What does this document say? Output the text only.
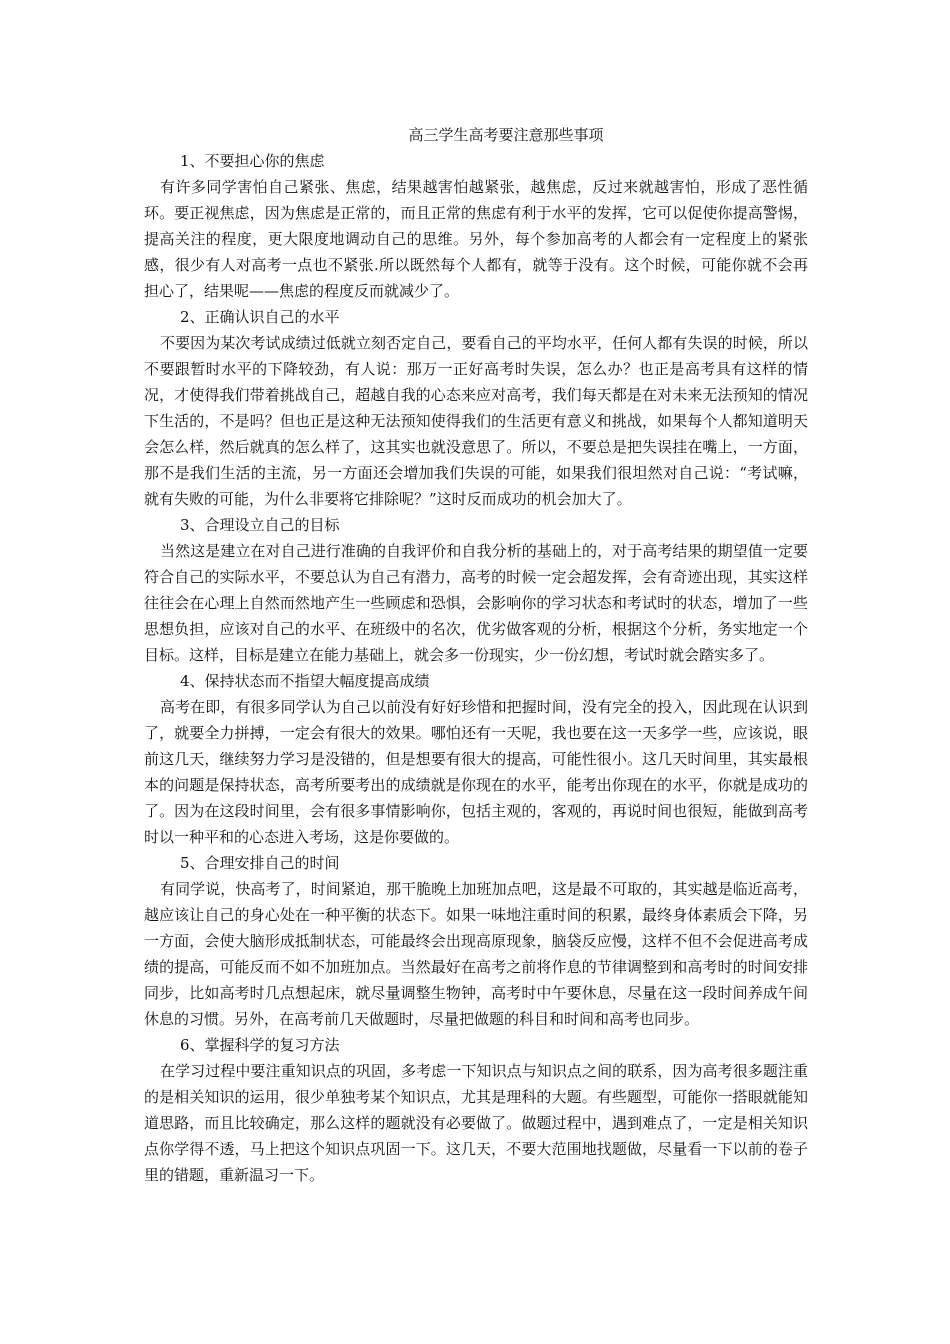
高三学生高考要注意那些事项

1、不要担心你的焦虑

有许多同学害怕自己紧张、焦虑，结果越害怕越紧张，越焦虑，反过来就越害怕，形成了恶性循环。要正视焦虑，因为焦虑是正常的，而且正常的焦虑有利于水平的发挥，它可以促使你提高警惕，提高关注的程度，更大限度地调动自己的思维。另外，每个参加高考的人都会有一定程度上的紧张感，很少有人对高考一点也不紧张.所以既然每个人都有，就等于没有。这个时候，可能你就不会再担心了，结果呢——焦虑的程度反而就减少了。

2、正确认识自己的水平

不要因为某次考试成绩过低就立刻否定自己，要看自己的平均水平，任何人都有失误的时候，所以不要跟暂时水平的下降较劲，有人说：那万一正好高考时失误，怎么办？也正是高考具有这样的情况，才使得我们带着挑战自己，超越自我的心态来应对高考，我们每天都是在对未来无法预知的情况下生活的，不是吗？但也正是这种无法预知使得我们的生活更有意义和挑战，如果每个人都知道明天会怎么样，然后就真的怎么样了，这其实也就没意思了。所以，不要总是把失误挂在嘴上，一方面，那不是我们生活的主流，另一方面还会增加我们失误的可能，如果我们很坦然对自己说：“考试嘛，就有失败的可能，为什么非要将它排除呢？”这时反而成功的机会加大了。

3、合理设立自己的目标

当然这是建立在对自己进行准确的自我评价和自我分析的基础上的，对于高考结果的期望值一定要符合自己的实际水平，不要总认为自己有潜力，高考的时候一定会超发挥，会有奇迹出现，其实这样往往会在心理上自然而然地产生一些顾虑和恐惧，会影响你的学习状态和考试时的状态，增加了一些思想负担，应该对自己的水平、在班级中的名次，优劣做客观的分析，根据这个分析，务实地定一个目标。这样，目标是建立在能力基础上，就会多一份现实，少一份幻想，考试时就会踏实多了。

4、保持状态而不指望大幅度提高成绩

高考在即，有很多同学认为自己以前没有好好珍惜和把握时间，没有完全的投入，因此现在认识到了，就要全力拼搏，一定会有很大的效果。哪怕还有一天呢，我也要在这一天多学一些，应该说，眼前这几天，继续努力学习是没错的，但是想要有很大的提高，可能性很小。这几天时间里，其实最根本的问题是保持状态，高考所要考出的成绩就是你现在的水平，能考出你现在的水平，你就是成功的了。因为在这段时间里，会有很多事情影响你，包括主观的，客观的，再说时间也很短，能做到高考时以一种平和的心态进入考场，这是你要做的。

5、合理安排自己的时间

有同学说，快高考了，时间紧迫，那干脆晚上加班加点吧，这是最不可取的，其实越是临近高考，越应该让自己的身心处在一种平衡的状态下。如果一味地注重时间的积累，最终身体素质会下降，另一方面，会使大脑形成抵制状态，可能最终会出现高原现象，脑袋反应慢，这样不但不会促进高考成绩的提高，可能反而不如不加班加点。当然最好在高考之前将作息的节律调整到和高考时的时间安排同步，比如高考时几点想起床，就尽量调整生物钟，高考时中午要休息，尽量在这一段时间养成午间休息的习惯。另外，在高考前几天做题时，尽量把做题的科目和时间和高考也同步。

6、掌握科学的复习方法

在学习过程中要注重知识点的巩固，多考虑一下知识点与知识点之间的联系，因为高考很多题注重的是相关知识的运用，很少单独考某个知识点，尤其是理科的大题。有些题型，可能你一搭眼就能知道思路，而且比较确定，那么这样的题就没有必要做了。做题过程中，遇到难点了，一定是相关知识点你学得不透，马上把这个知识点巩固一下。这几天，不要大范围地找题做，尽量看一下以前的卷子里的错题，重新温习一下。
